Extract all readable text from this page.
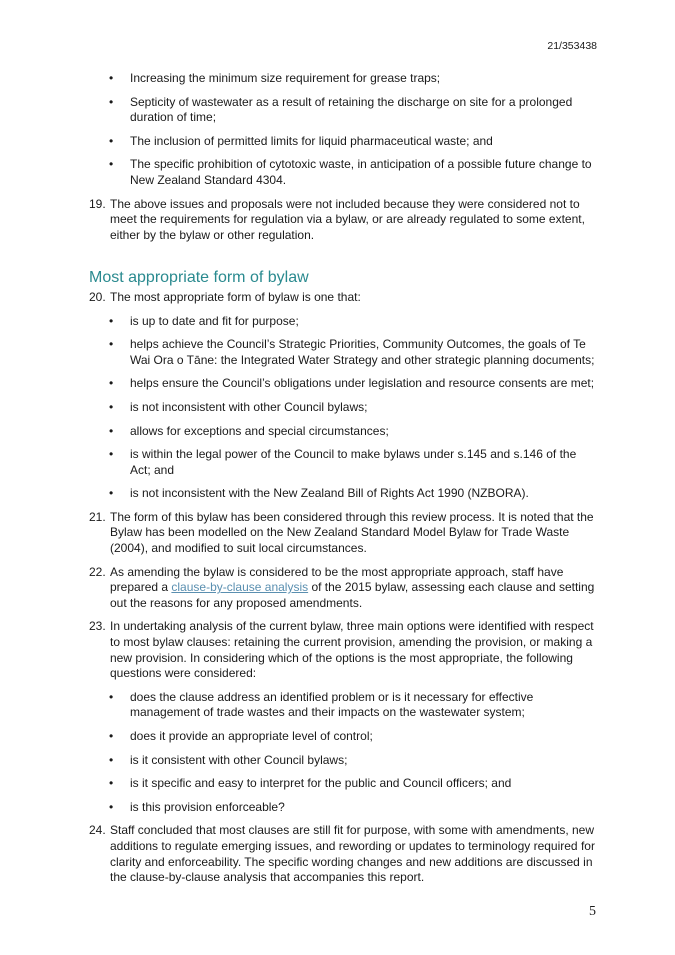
21/353438
• Increasing the minimum size requirement for grease traps;
• Septicity of wastewater as a result of retaining the discharge on site for a prolonged duration of time;
• The inclusion of permitted limits for liquid pharmaceutical waste; and
• The specific prohibition of cytotoxic waste, in anticipation of a possible future change to New Zealand Standard 4304.
19. The above issues and proposals were not included because they were considered not to meet the requirements for regulation via a bylaw, or are already regulated to some extent, either by the bylaw or other regulation.
Most appropriate form of bylaw
20. The most appropriate form of bylaw is one that:
• is up to date and fit for purpose;
• helps achieve the Council’s Strategic Priorities, Community Outcomes, the goals of Te Wai Ora o Tāne: the Integrated Water Strategy and other strategic planning documents;
• helps ensure the Council’s obligations under legislation and resource consents are met;
• is not inconsistent with other Council bylaws;
• allows for exceptions and special circumstances;
• is within the legal power of the Council to make bylaws under s.145 and s.146 of the Act; and
• is not inconsistent with the New Zealand Bill of Rights Act 1990 (NZBORA).
21. The form of this bylaw has been considered through this review process. It is noted that the Bylaw has been modelled on the New Zealand Standard Model Bylaw for Trade Waste (2004), and modified to suit local circumstances.
22. As amending the bylaw is considered to be the most appropriate approach, staff have prepared a clause-by-clause analysis of the 2015 bylaw, assessing each clause and setting out the reasons for any proposed amendments.
23. In undertaking analysis of the current bylaw, three main options were identified with respect to most bylaw clauses: retaining the current provision, amending the provision, or making a new provision. In considering which of the options is the most appropriate, the following questions were considered:
• does the clause address an identified problem or is it necessary for effective management of trade wastes and their impacts on the wastewater system;
• does it provide an appropriate level of control;
• is it consistent with other Council bylaws;
• is it specific and easy to interpret for the public and Council officers; and
• is this provision enforceable?
24. Staff concluded that most clauses are still fit for purpose, with some with amendments, new additions to regulate emerging issues, and rewording or updates to terminology required for clarity and enforceability. The specific wording changes and new additions are discussed in the clause-by-clause analysis that accompanies this report.
5
